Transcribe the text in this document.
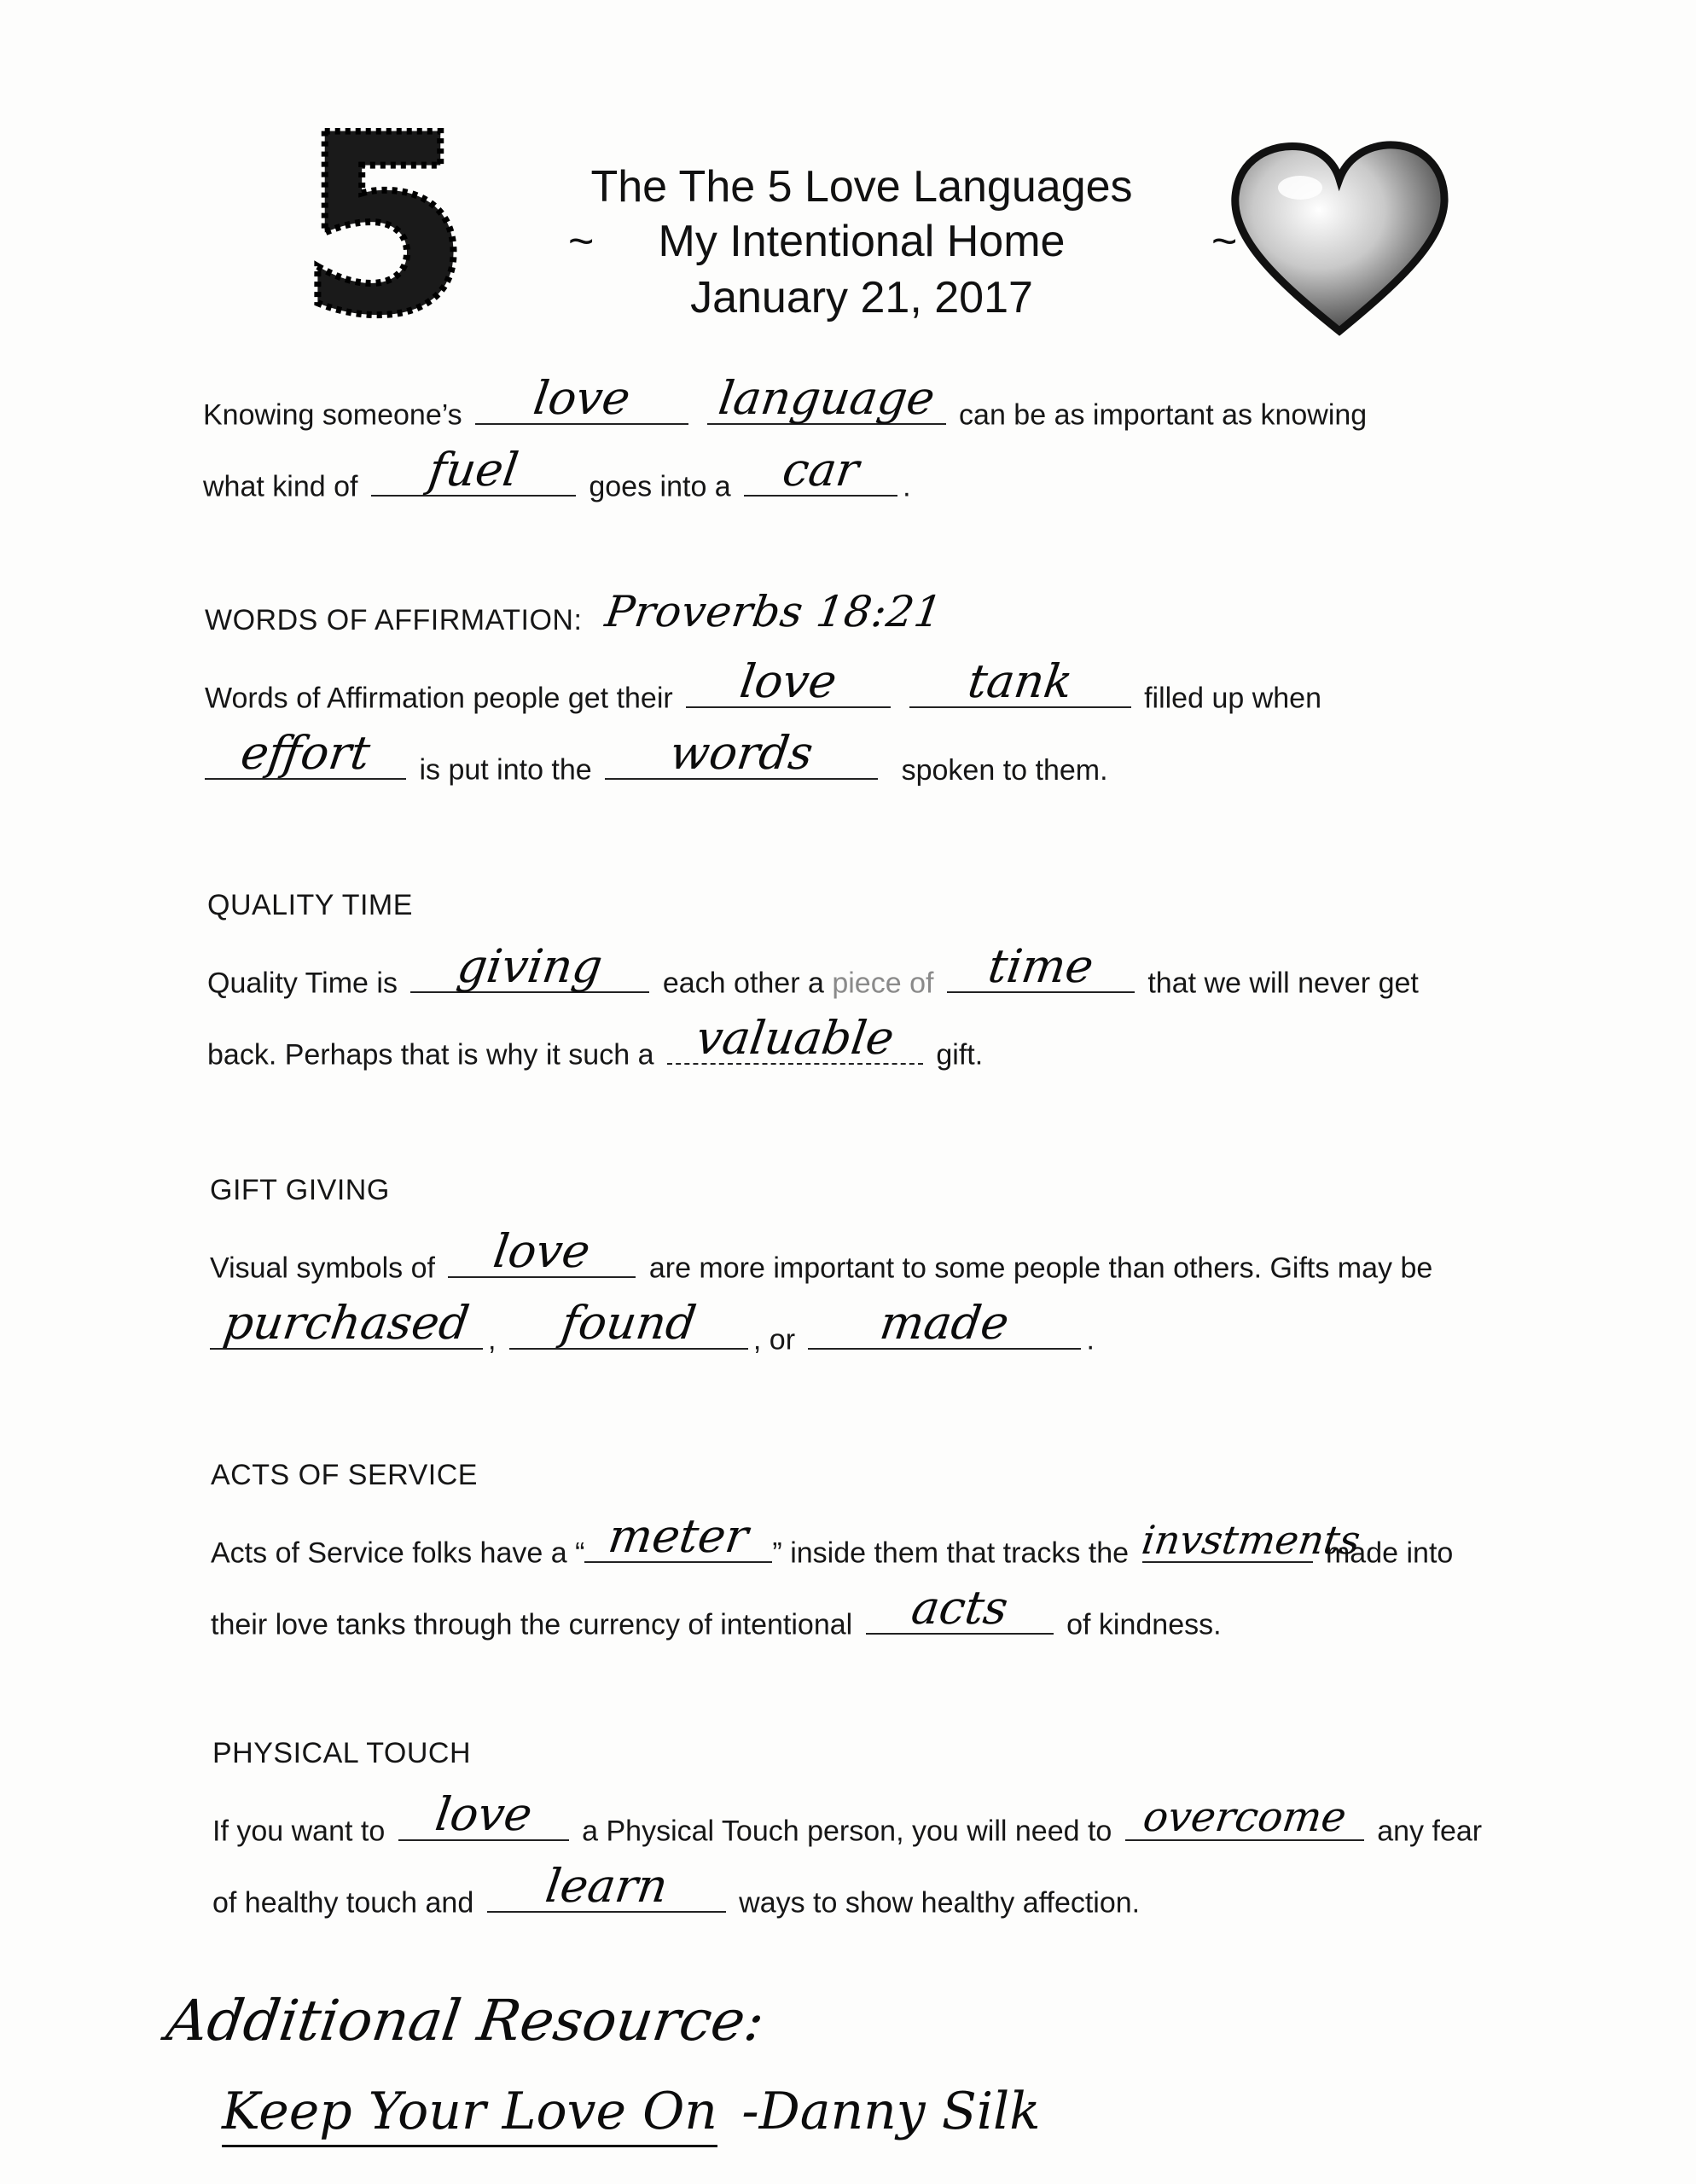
5	The The 5 Love Languages
~ My Intentional Home	~
January 21, 2017
Knowing someone’s	love
	language can be as important as knowing
what kind of	fuel	goes into a	car	.
WORDS OF AFFIRMATION: Proverbs 18:21
Words of Affirmation people get their	love
	tank	filled up when
effort	is put into the	words	spoken to them.
QUALITY TIME
Quality Time is	giving	each other a piece of	time	that we will never get
back. Perhaps that is why it such a valuable	gift.
GIFT GIVING
Visual symbols of	love	are more important to some people than others. Gifts may be
purchased ,	found	, or	made	.
ACTS OF SERVICE
Acts of Service folks have a “ meter ” inside them that tracks the invstments
made into
their love tanks through the currency of intentional	acts	of kindness.
PHYSICAL TOUCH
If you want to	love	a Physical Touch person, you will need to overcome any fear
of healthy touch and	learn	ways to show healthy affection.
Additional Resource:
Keep Your Love On -Danny Silk
